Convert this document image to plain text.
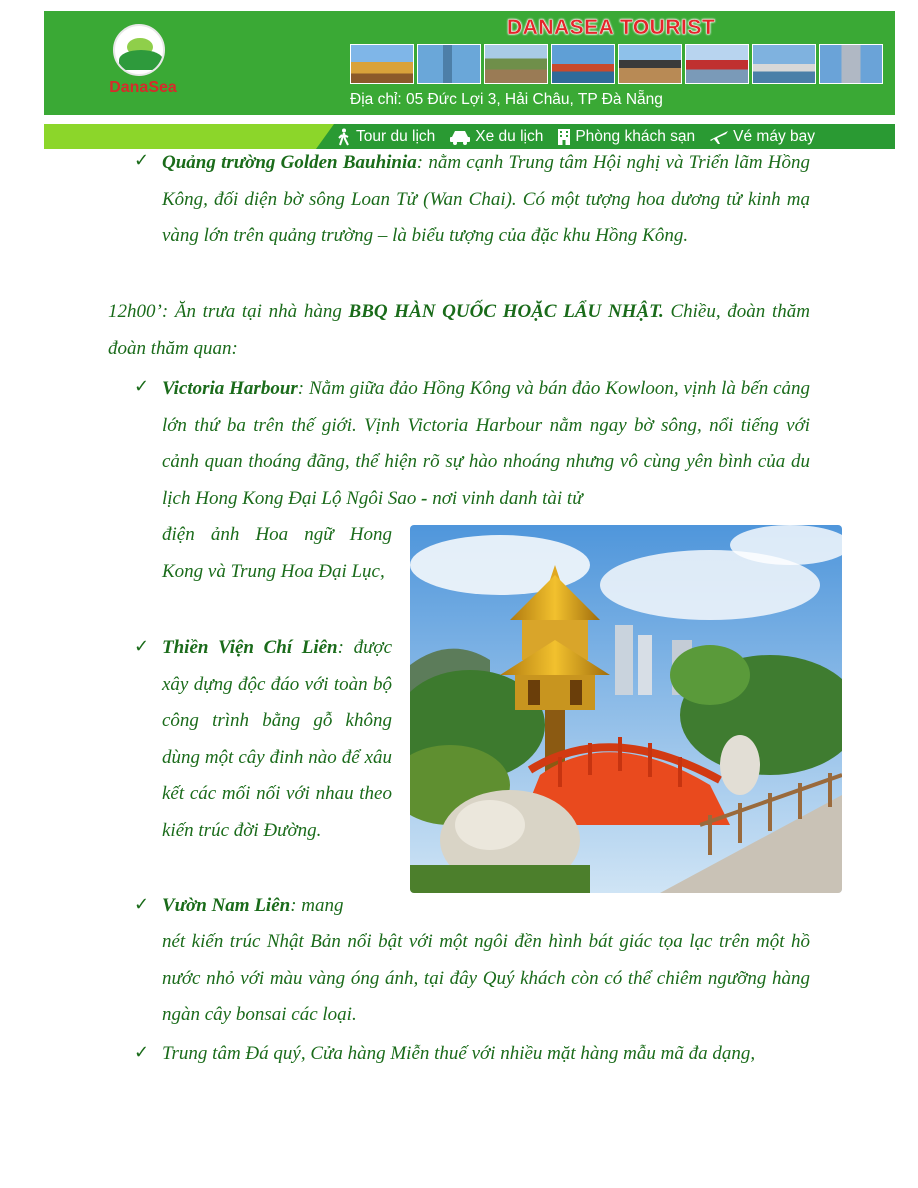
DanaSea
DANASEA TOURIST
Địa chỉ: 05 Đức Lợi 3, Hải Châu, TP Đà Nẵng
Tour du lịch	Xe du lịch Phòng khách sạn Vé máy bay
✓ Quảng trường Golden Bauhinia: nằm cạnh Trung tâm Hội nghị và Triển lãm Hồng Kông, đối diện bờ sông Loan Tử (Wan Chai). Có một tượng hoa dương tử kinh mạ vàng lớn trên quảng trường – là biểu tượng của đặc khu Hồng Kông.
12h00’: Ăn trưa tại nhà hàng BBQ HÀN QUỐC HOẶC LẨU NHẬT. Chiều, đoàn thăm đoàn thăm quan:
✓ Victoria Harbour: Nằm giữa đảo Hồng Kông và bán đảo Kowloon, vịnh là bến cảng lớn thứ ba trên thế giới. Vịnh Victoria Harbour nằm ngay bờ sông, nổi tiếng với cảnh quan thoáng đãng, thể hiện rõ sự hào nhoáng nhưng vô cùng yên bình của du lịch Hong Kong Đại Lộ Ngôi Sao - nơi vinh danh tài tử
điện ảnh Hoa ngữ Hong Kong và Trung Hoa Đại Lục,
✓ Thiền Viện Chí Liên: được xây dựng độc đáo với toàn bộ công trình bằng gỗ không dùng một cây đinh nào để xâu kết các mối nối với nhau theo kiến trúc đời Đường.
✓ Vườn Nam Liên: mang
nét kiến trúc Nhật Bản nổi bật với một ngôi đền hình bát giác tọa lạc trên một hồ nước nhỏ với màu vàng óng ánh, tại đây Quý khách còn có thể chiêm ngưỡng hàng ngàn cây bonsai các loại.
✓ Trung tâm Đá quý, Cửa hàng Miễn thuế với nhiều mặt hàng mẫu mã đa dạng,
